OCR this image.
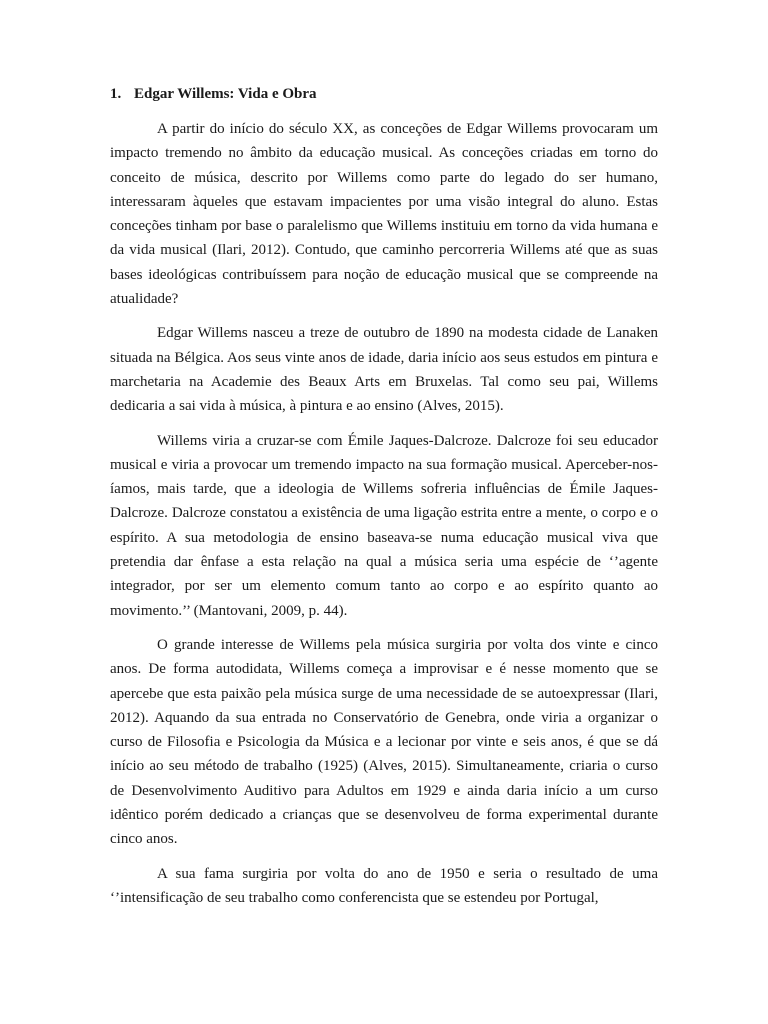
1. Edgar Willems: Vida e Obra

A partir do início do século XX, as conceções de Edgar Willems provocaram um impacto tremendo no âmbito da educação musical. As conceções criadas em torno do conceito de música, descrito por Willems como parte do legado do ser humano, interessaram àqueles que estavam impacientes por uma visão integral do aluno. Estas conceções tinham por base o paralelismo que Willems instituiu em torno da vida humana e da vida musical (Ilari, 2012). Contudo, que caminho percorreria Willems até que as suas bases ideológicas contribuíssem para noção de educação musical que se compreende na atualidade?

Edgar Willems nasceu a treze de outubro de 1890 na modesta cidade de Lanaken situada na Bélgica. Aos seus vinte anos de idade, daria início aos seus estudos em pintura e marchetaria na Academie des Beaux Arts em Bruxelas. Tal como seu pai, Willems dedicaria a sai vida à música, à pintura e ao ensino (Alves, 2015).

Willems viria a cruzar-se com Émile Jaques-Dalcroze. Dalcroze foi seu educador musical e viria a provocar um tremendo impacto na sua formação musical. Aperceber-nos-íamos, mais tarde, que a ideologia de Willems sofreria influências de Émile Jaques-Dalcroze. Dalcroze constatou a existência de uma ligação estrita entre a mente, o corpo e o espírito. A sua metodologia de ensino baseava-se numa educação musical viva que pretendia dar ênfase a esta relação na qual a música seria uma espécie de ‘’agente integrador, por ser um elemento comum tanto ao corpo e ao espírito quanto ao movimento.’’ (Mantovani, 2009, p. 44).

O grande interesse de Willems pela música surgiria por volta dos vinte e cinco anos. De forma autodidata, Willems começa a improvisar e é nesse momento que se apercebe que esta paixão pela música surge de uma necessidade de se autoexpressar (Ilari, 2012). Aquando da sua entrada no Conservatório de Genebra, onde viria a organizar o curso de Filosofia e Psicologia da Música e a lecionar por vinte e seis anos, é que se dá início ao seu método de trabalho (1925) (Alves, 2015). Simultaneamente, criaria o curso de Desenvolvimento Auditivo para Adultos em 1929 e ainda daria início a um curso idêntico porém dedicado a crianças que se desenvolveu de forma experimental durante cinco anos.

A sua fama surgiria por volta do ano de 1950 e seria o resultado de uma ‘’intensificação de seu trabalho como conferencista que se estendeu por Portugal,
